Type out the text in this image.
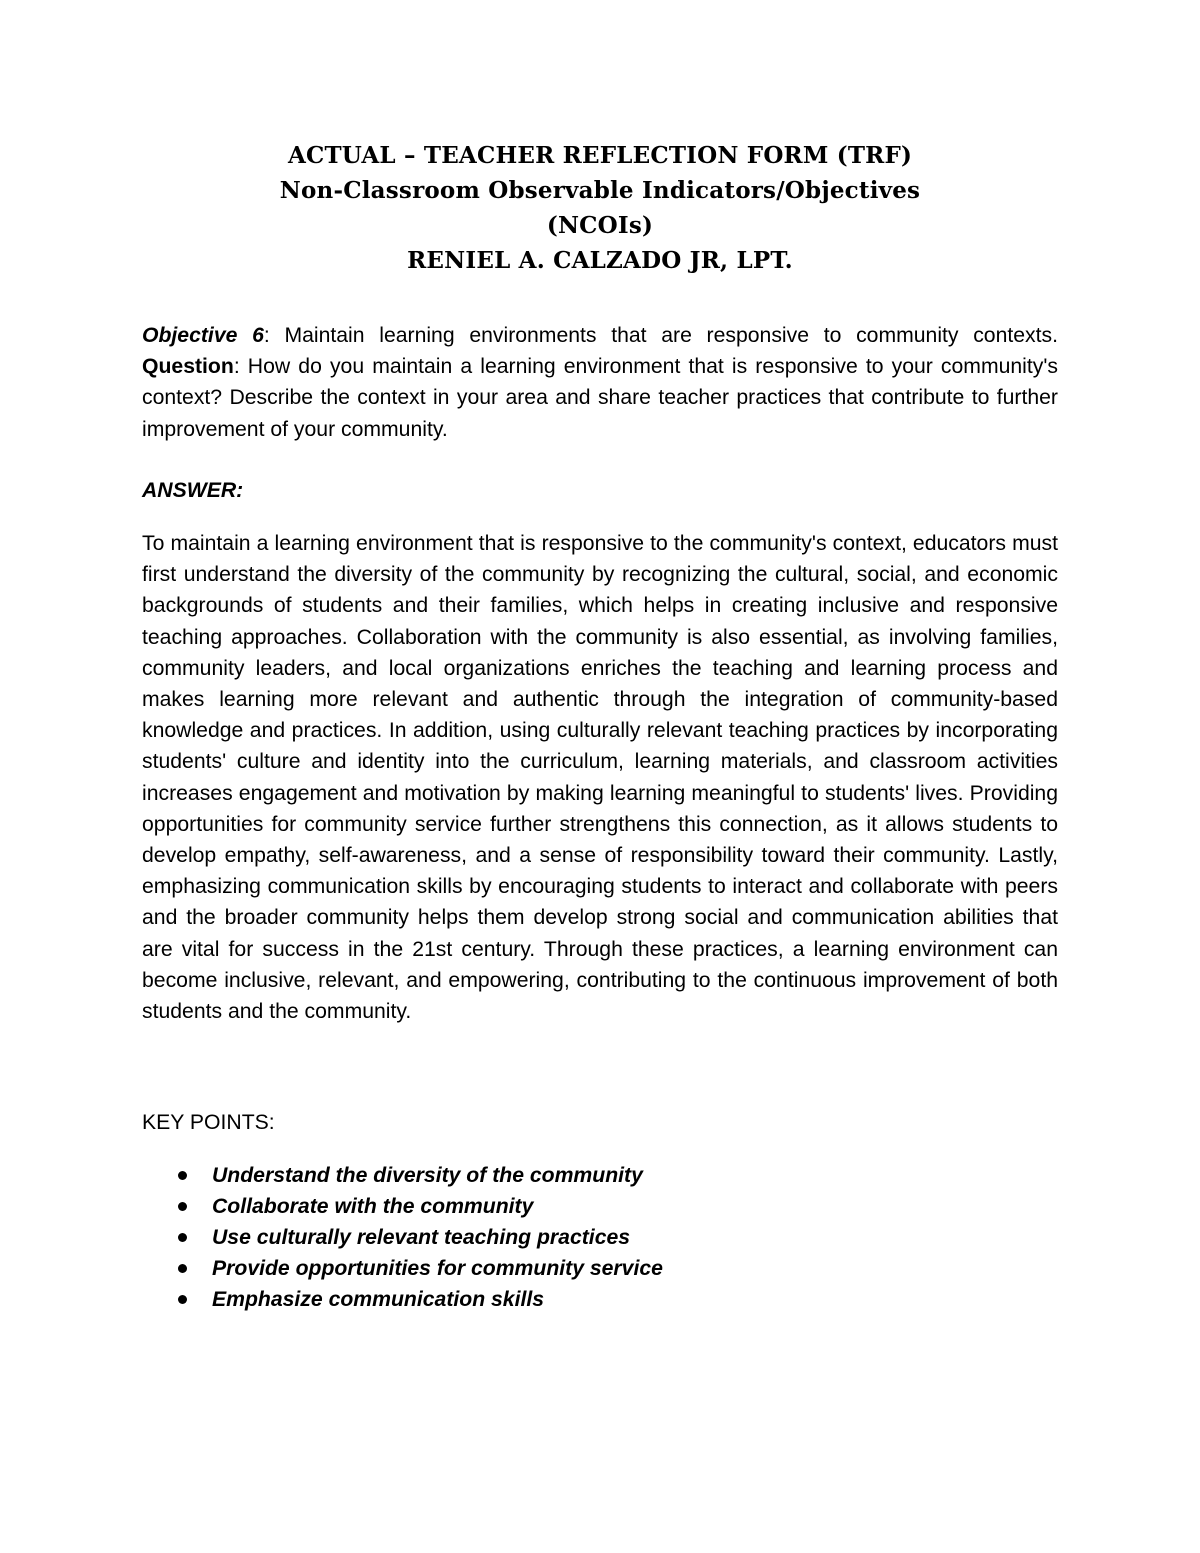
ACTUAL – TEACHER REFLECTION FORM (TRF)
Non-Classroom Observable Indicators/Objectives
(NCOIs)
RENIEL A. CALZADO JR, LPT.
Objective 6: Maintain learning environments that are responsive to community contexts. Question: How do you maintain a learning environment that is responsive to your community's context? Describe the context in your area and share teacher practices that contribute to further improvement of your community.
ANSWER:
To maintain a learning environment that is responsive to the community's context, educators must first understand the diversity of the community by recognizing the cultural, social, and economic backgrounds of students and their families, which helps in creating inclusive and responsive teaching approaches. Collaboration with the community is also essential, as involving families, community leaders, and local organizations enriches the teaching and learning process and makes learning more relevant and authentic through the integration of community-based knowledge and practices. In addition, using culturally relevant teaching practices by incorporating students' culture and identity into the curriculum, learning materials, and classroom activities increases engagement and motivation by making learning meaningful to students' lives. Providing opportunities for community service further strengthens this connection, as it allows students to develop empathy, self-awareness, and a sense of responsibility toward their community. Lastly, emphasizing communication skills by encouraging students to interact and collaborate with peers and the broader community helps them develop strong social and communication abilities that are vital for success in the 21st century. Through these practices, a learning environment can become inclusive, relevant, and empowering, contributing to the continuous improvement of both students and the community.
KEY POINTS:
Understand the diversity of the community
Collaborate with the community
Use culturally relevant teaching practices
Provide opportunities for community service
Emphasize communication skills
